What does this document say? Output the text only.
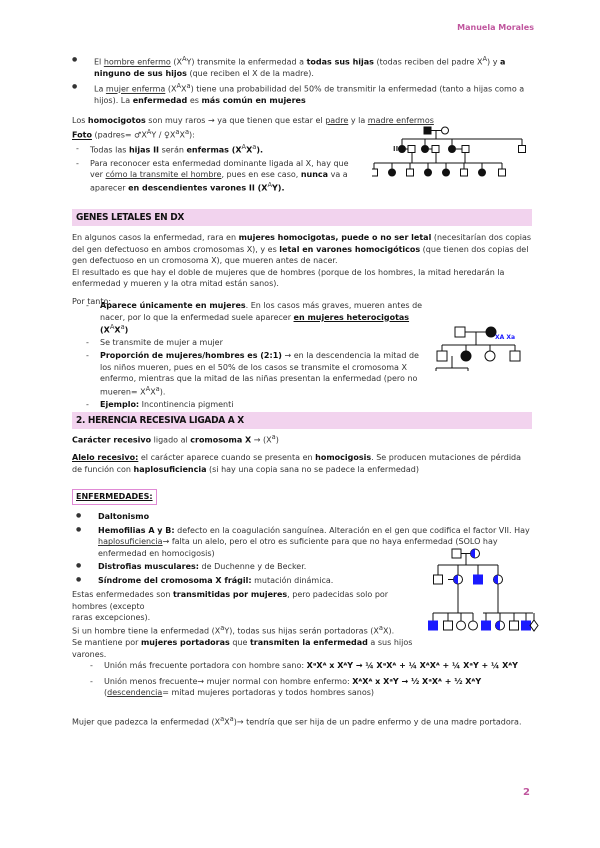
Manuela Morales
● El hombre enfermo $(X^AY)$ transmite la enfermedad a todas sus hijas (todas reciben del padre $X^A$) y a ninguno de sus hijos (que reciben el X de la madre).
● La mujer enferma $(X^AX^a)$ tiene una probabilidad del 50% de transmitir la enfermedad (tanto a hijas como a hijos). La enfermedad es más común en mujeres

Los homocigotos son muy raros → ya que tienen que estar el padre y la madre enfermos

Foto (padres= $♂X^AY$ / $♀X^aX^a$):

- Todas las hijas II serán enfermas $(X^AX^a)$.
- Para reconocer esta enfermedad dominante ligada al X, hay que ver cómo la transmite el hombre, pues en ese caso, nunca va a aparecer en descendientes varones II $(X^AY)$.
GENES LETALES EN DX

En algunos casos la enfermedad, rara en mujeres homocigotas, puede o no ser letal (necesitarían dos copias del gen defectuoso en ambos cromosomas X), y es letal en varones homocigóticos (que tienen dos copias del gen defectuoso en un cromosoma X), que mueren antes de nacer.

El resultado es que hay el doble de mujeres que de hombres (porque de los hombres, la mitad heredarán la enfermedad y mueren y la otra mitad están sanos).

Por tanto:

- Aparece únicamente en mujeres. En los casos más graves, mueren antes de nacer, por lo que la enfermedad suele aparecer en mujeres heterocigotas $(X^AX^a)$
- Se transmite de mujer a mujer
- Proporción de mujeres/hombres es (2:1) → en la descendencia la mitad de los niños mueren, pues en el 50% de los casos se transmite el cromosoma X enfermo, mientras que la mitad de las niñas presentan la enfermedad (pero no mueren= $X^AX^a$).
- Ejemplo: Incontinencia pigmenti
XA Xa
2. HERENCIA RECESIVA LIGADA A X

Carácter recesivo ligado al cromosoma $X \to (X^a)$

Alelo recesivo: el carácter aparece cuando se presenta en homocigosis. Se producen mutaciones de pérdida de función con haplosuficiencia (si hay una copia sana no se padece la enfermedad)

ENFERMEDADES:

● Daltonismo
● Hemofilias A y B: defecto en la coagulación sanguínea. Alteración en el gen que codifica el factor VII. Hay haplosuficiencia→ falta un alelo, pero el otro es suficiente para que no haya enfermedad (SOLO hay enfermedad en homocigosis)
● Distrofias musculares: de Duchenne y de Becker.
● Síndrome del cromosoma X frágil: mutación dinámica.

Estas enfermedades son transmitidas por mujeres, pero padecidas solo por hombres (excepto

raras excepciones).

Si un hombre tiene la enfermedad $(X^aY)$, todas sus hijas serán portadoras $(X^aX)$.

Se mantiene por mujeres portadoras que transmiten la enfermedad a sus hijos varones.

- Unión más frecuente portadora con hombre sano: XᵃXᴬ x XᴬY → ¼ XᵃXᴬ + ¼ XᴬXᴬ + ¼ XᵃY + ¼ XᴬY
- Unión menos frecuente→ mujer normal con hombre enfermo: XᴬXᴬ x XᵃY → ½ XᵃXᴬ + ½ XᴬY
(descendencia= mitad mujeres portadoras y todos hombres sanos)

Mujer que padezca la enfermedad $(X^aX^a)\to$ tendría que ser hija de un padre enfermo y de una madre portadora.

II
2
